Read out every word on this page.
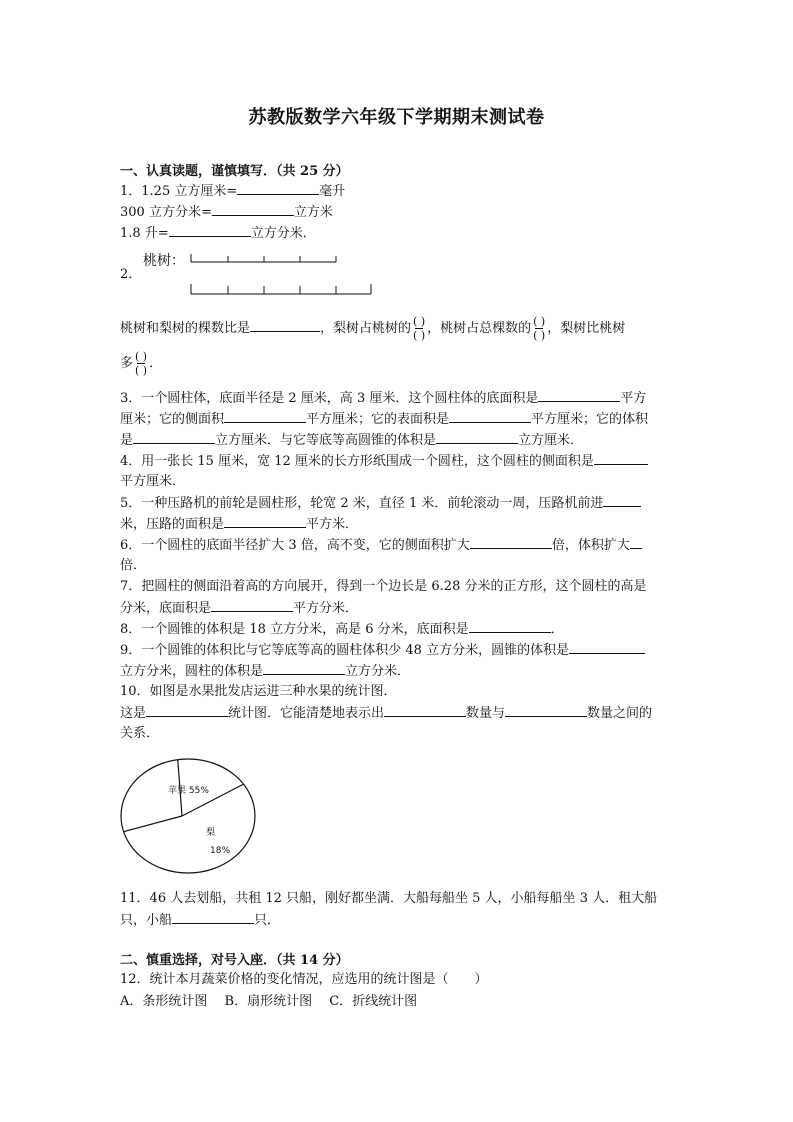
苏教版数学六年级下学期期末测试卷
一、认真读题，谨慎填写．（共 25 分）
1．1.25 立方厘米=	毫升
300 立方分米=	立方米
1.8 升=	立方分米．
2．
桃树：
桃树和梨树的棵数比是	，梨树占桃树的 $\frac{( )}{( )}$ ，桃树占总棵数的 $\frac{( )}{( )}$ ，梨树比桃树
多 $\frac{( )}{( )}$ ．
3．一个圆柱体，底面半径是 2 厘米，高 3 厘米．这个圆柱体的底面积是	平方
厘米；它的侧面积	平方厘米；它的表面积是	平方厘米；它的体积
是	立方厘米．与它等底等高圆锥的体积是	立方厘米．
4．用一张长 15 厘米，宽 12 厘米的长方形纸围成一个圆柱，这个圆柱的侧面积是
平方厘米．
5．一种压路机的前轮是圆柱形，轮宽 2 米，直径 1 米．前轮滚动一周，压路机前进
米，压路的面积是	平方米．
6．一个圆柱的底面半径扩大 3 倍，高不变，它的侧面积扩大	倍，体积扩大
倍．
7．把圆柱的侧面沿着高的方向展开，得到一个边长是 6.28 分米的正方形，这个圆柱的高是
分米，底面积是	平方分米．
8．一个圆锥的体积是 18 立方分米，高是 6 分米，底面积是	．
9．一个圆锥的体积比与它等底等高的圆柱体积少 48 立方分米，圆锥的体积是
立方分米，圆柱的体积是	立方分米．
10．如图是水果批发店运进三种水果的统计图．
这是	统计图．它能清楚地表示出	数量与	数量之间的
关系．
苹果 55%
梨
18%
11．46 人去划船，共租 12 只船，刚好都坐满．大船每船坐 5 人，小船每船坐 3 人．租大船
只，小船	只．
二、慎重选择，对号入座．（共 14 分）
12．统计本月蔬菜价格的变化情况，应选用的统计图是（　　）
A．条形统计图　 B．扇形统计图　 C．折线统计图
